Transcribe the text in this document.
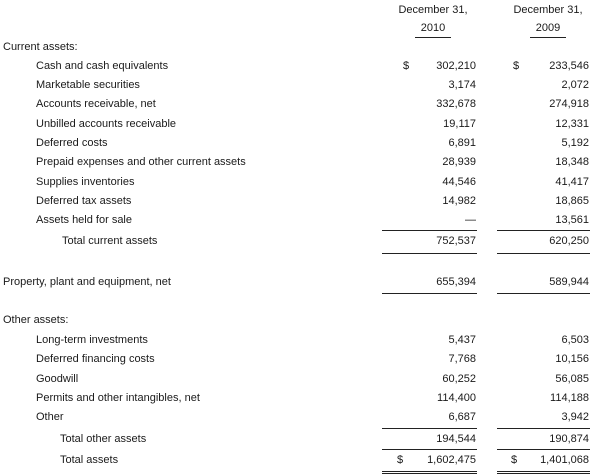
December 31,
2010
December 31,
2009
Current assets:
Cash and cash equivalents	$ 302,210	$	233,546
Marketable securities	3,174	2,072
Accounts receivable, net	332,678	274,918
Unbilled accounts receivable	19,117	12,331
Deferred costs	6,891	5,192
Prepaid expenses and other current assets	28,939	18,348
Supplies inventories	44,546	41,417
Deferred tax assets	14,982	18,865
Assets held for sale	—	13,561
Total current assets	752,537	620,250
Property, plant and equipment, net	655,394	589,944
Other assets:
Long-term investments	5,437	6,503
Deferred financing costs	7,768	10,156
Goodwill	60,252	56,085
Permits and other intangibles, net	114,400	114,188
Other	6,687	3,942
Total other assets	194,544	190,874
Total assets	$ 1,602,475	$ 1,401,068
